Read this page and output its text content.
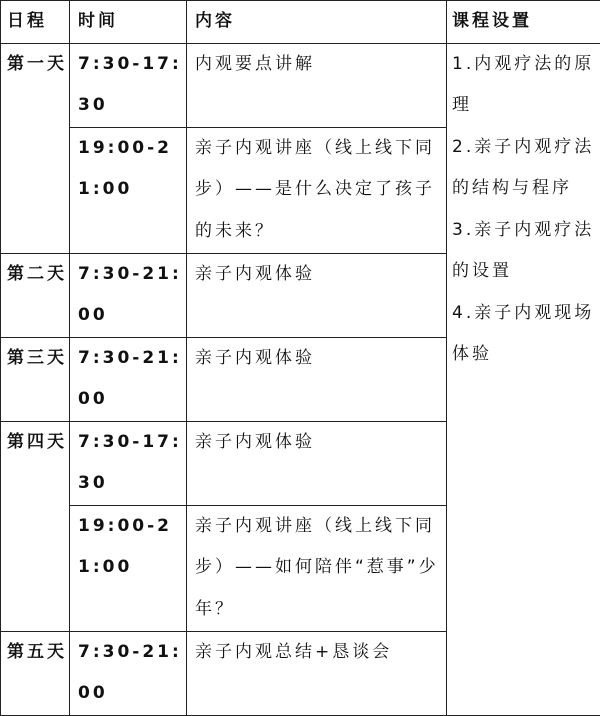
日程	时间	内容	课程设置

第一天	7:30-17:30	内观要点讲解	1.内观疗法的原理
2.亲子内观疗法的结构与程序
3.亲子内观疗法的设置
4.亲子内观现场体验

	19:00-21:00	亲子内观讲座（线上线下同步）——是什么决定了孩子的未来？	
第二天	7:30-21:00	亲子内观体验	
第三天	7:30-21:00	亲子内观体验	
第四天	7:30-17:30	亲子内观体验	
	19:00-21:00	亲子内观讲座（线上线下同步）——如何陪伴“惹事”少年？	
第五天	7:30-21:00	亲子内观总结+恳谈会	
